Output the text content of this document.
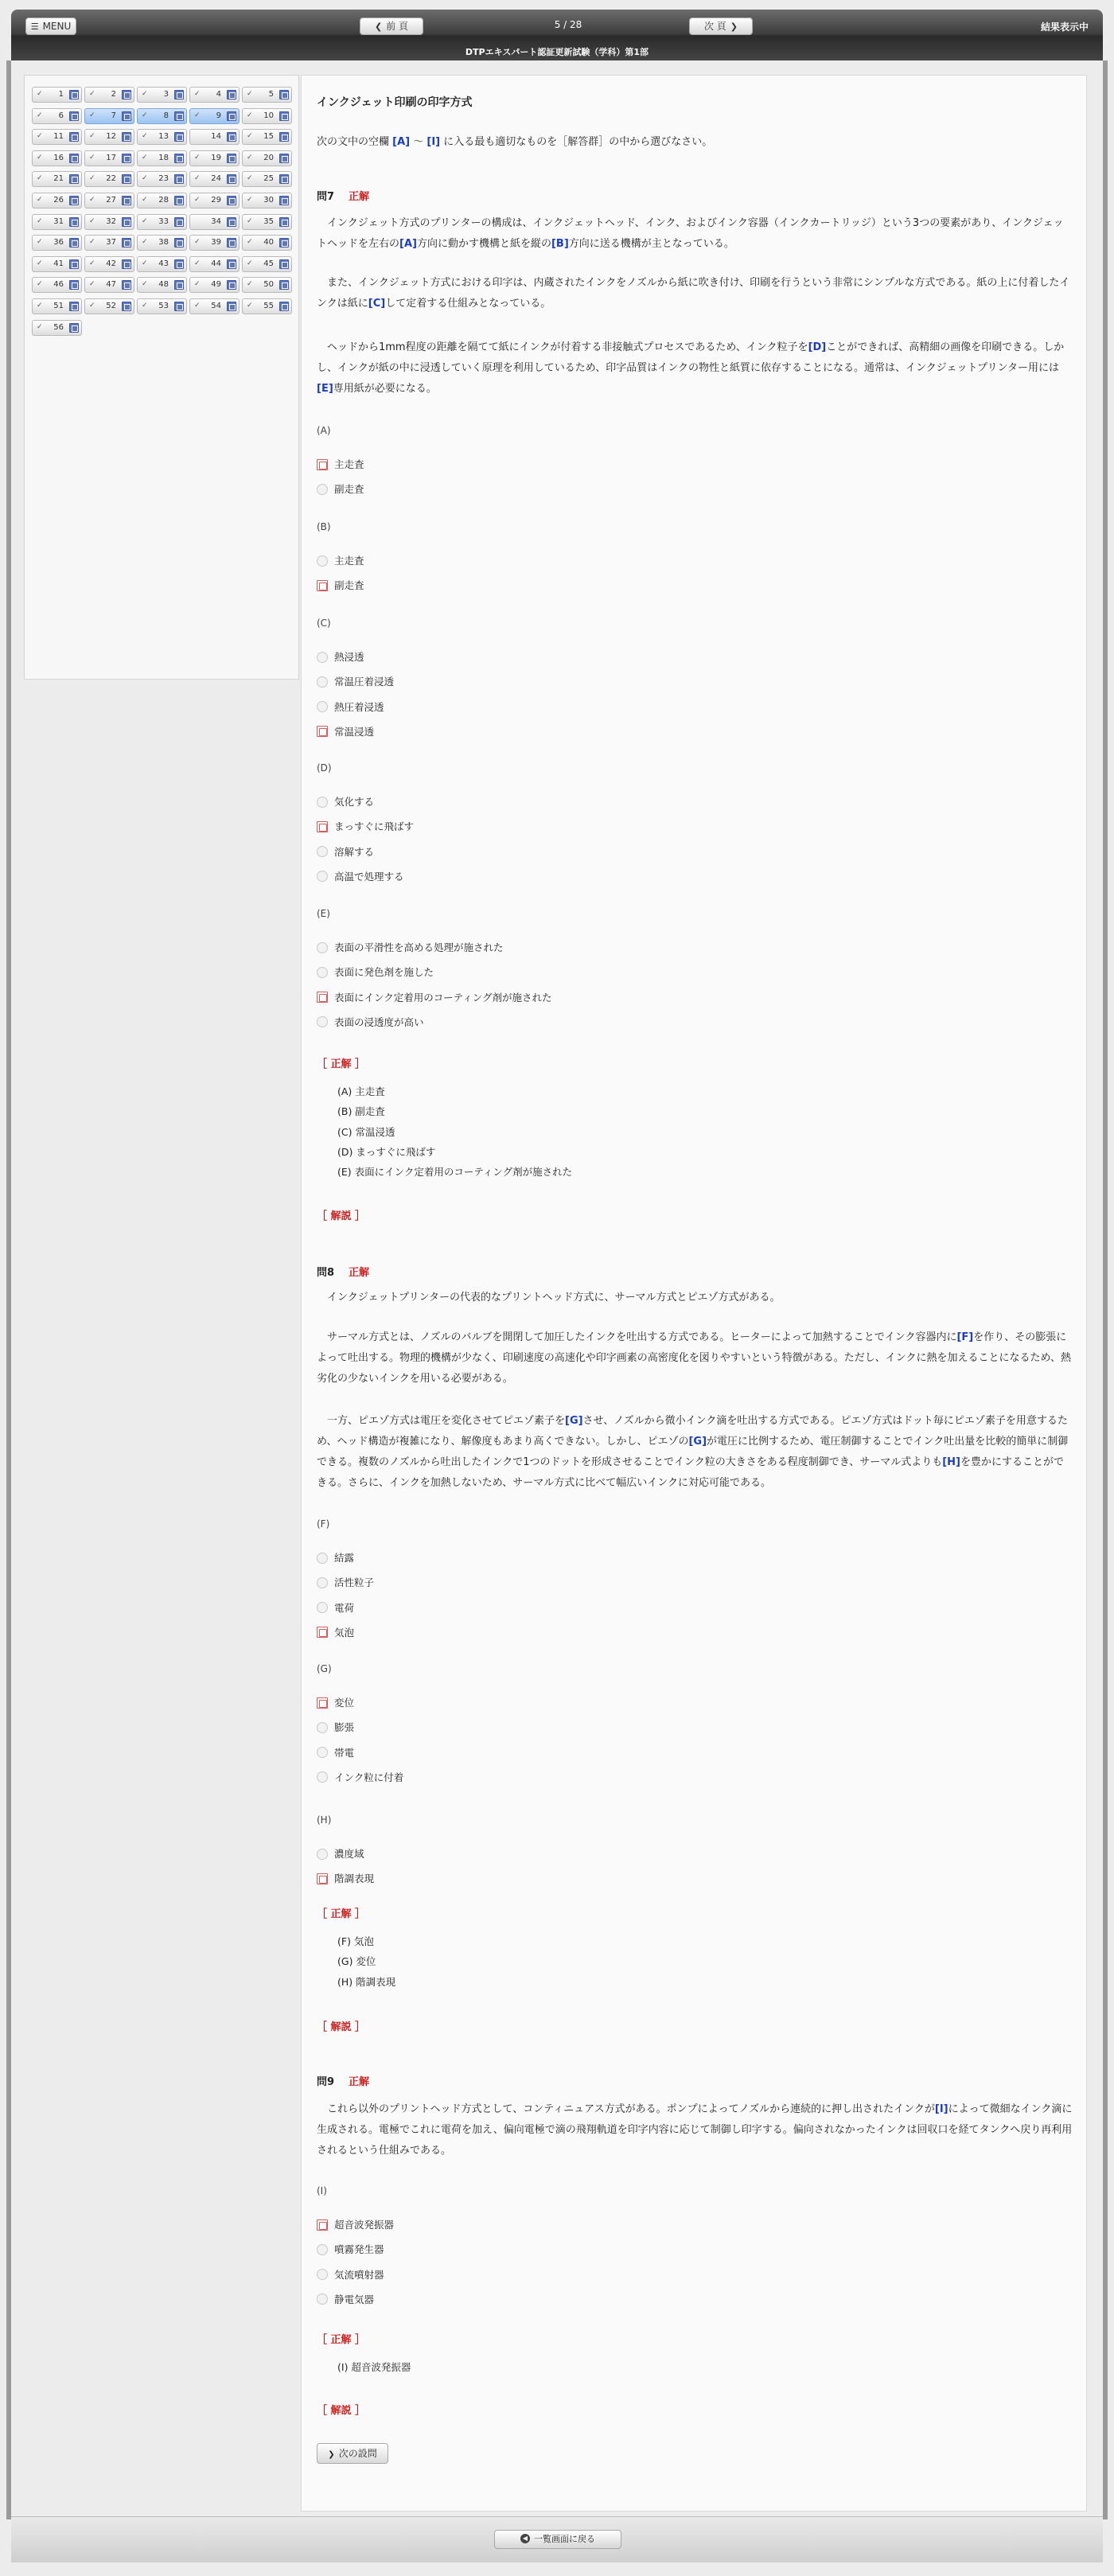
☰ MENU	❮ 前 頁	5 / 28	次 頁 ❯	結果表示中
DTPエキスパート認証更新試験（学科）第1部
✓ 1	✓ 2	✓ 3	✓ 4	✓ 5
✓ 6	✓ 7	✓ 8	✓ 9	✓ 10
✓ 11	✓ 12	✓ 13	14	✓ 15
✓ 16	✓ 17	✓ 18	✓ 19	✓ 20
✓ 21	✓ 22	✓ 23	✓ 24	✓ 25
✓ 26	✓ 27	✓ 28	✓ 29	✓ 30
✓ 31	✓ 32	✓ 33	34	✓ 35
✓ 36	✓ 37	✓ 38	✓ 39	✓ 40
✓ 41	✓ 42	✓ 43	✓ 44	✓ 45
✓ 46	✓ 47	✓ 48	✓ 49	✓ 50
✓ 51	✓ 52	✓ 53	✓ 54	✓ 55
✓ 56
インクジェット印刷の印字方式
次の文中の空欄 [A] 〜 [I] に入る最も適切なものを［解答群］の中から選びなさい。
問7 正解
　インクジェット方式のプリンターの構成は、インクジェットヘッド、インク、およびインク容器（インクカートリッジ）という3つの要素があり、インクジェットヘッドを左右の[A]方向に動かす機構と紙を縦の[B]方向に送る機構が主となっている。
　また、インクジェット方式における印字は、内蔵されたインクをノズルから紙に吹き付け、印刷を行うという非常にシンプルな方式である。紙の上に付着したインクは紙に[C]して定着する仕組みとなっている。
　ヘッドから1mm程度の距離を隔てて紙にインクが付着する非接触式プロセスであるため、インク粒子を[D]ことができれば、高精細の画像を印刷できる。しかし、インクが紙の中に浸透していく原理を利用しているため、印字品質はインクの物性と紙質に依存することになる。通常は、インクジェットプリンター用には[E]専用紙が必要になる。
(A)
主走査
副走査
(B)
主走査
副走査
(C)
熱浸透
常温圧着浸透
熱圧着浸透
常温浸透
(D)
気化する
まっすぐに飛ばす
溶解する
高温で処理する
(E)
表面の平滑性を高める処理が施された
表面に発色剤を施した
表面にインク定着用のコーティング剤が施された
表面の浸透度が高い
［ 正解 ］
(A) 主走査
(B) 副走査
(C) 常温浸透
(D) まっすぐに飛ばす
(E) 表面にインク定着用のコーティング剤が施された
［ 解説 ］
問8 正解
　インクジェットプリンターの代表的なプリントヘッド方式に、サーマル方式とピエゾ方式がある。
　サーマル方式とは、ノズルのバルブを開閉して加圧したインクを吐出する方式である。ヒーターによって加熱することでインク容器内に[F]を作り、その膨張によって吐出する。物理的機構が少なく、印刷速度の高速化や印字画素の高密度化を図りやすいという特徴がある。ただし、インクに熱を加えることになるため、熱劣化の少ないインクを用いる必要がある。
　一方、ピエゾ方式は電圧を変化させてピエゾ素子を[G]させ、ノズルから微小インク滴を吐出する方式である。ピエゾ方式はドット毎にピエゾ素子を用意するため、ヘッド構造が複雑になり、解像度もあまり高くできない。しかし、ピエゾの[G]が電圧に比例するため、電圧制御することでインク吐出量を比較的簡単に制御できる。複数のノズルから吐出したインクで1つのドットを形成させることでインク粒の大きさをある程度制御でき、サーマル式よりも[H]を豊かにすることができる。さらに、インクを加熱しないため、サーマル方式に比べて幅広いインクに対応可能である。
(F)
結露
活性粒子
電荷
気泡
(G)
変位
膨張
帯電
インク粒に付着
(H)
濃度域
階調表現
［ 正解 ］
(F) 気泡
(G) 変位
(H) 階調表現
［ 解説 ］
問9 正解
　これら以外のプリントヘッド方式として、コンティニュアス方式がある。ポンプによってノズルから連続的に押し出されたインクが[I]によって微細なインク滴に生成される。電極でこれに電荷を加え、偏向電極で滴の飛翔軌道を印字内容に応じて制御し印字する。偏向されなかったインクは回収口を経てタンクへ戻り再利用されるという仕組みである。
(I)
超音波発振器
噴霧発生器
気流噴射器
静電気器
［ 正解 ］
(I) 超音波発振器
［ 解説 ］
❯ 次の設問
◀ 一覧画面に戻る
